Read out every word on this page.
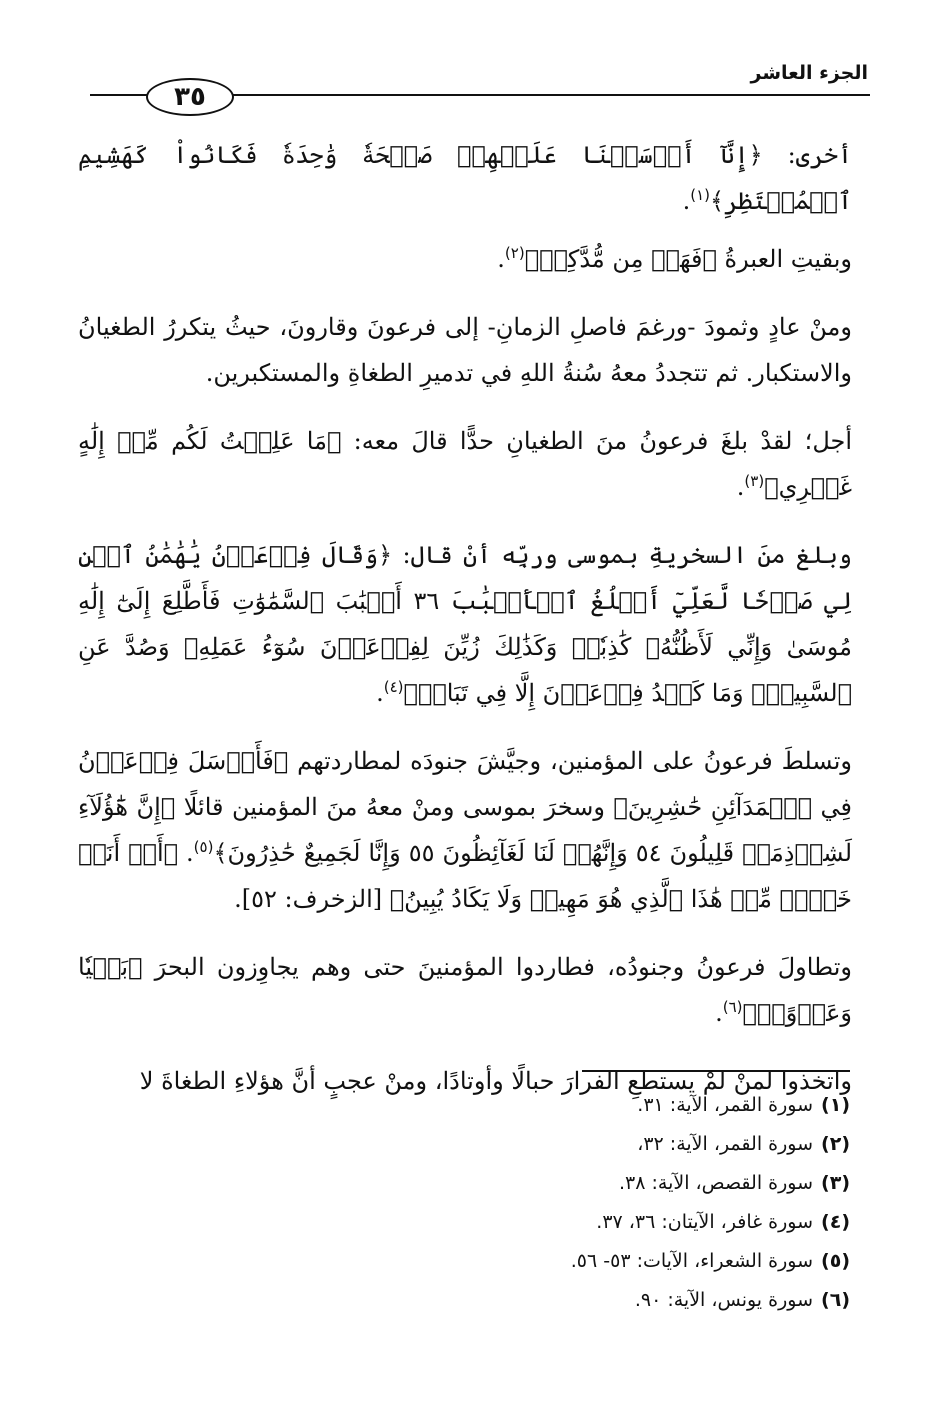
٣٥
الجزء العاشر

أخرى: ﴿إِنَّآ أَرۡسَلۡنَا عَلَيۡهِمۡ صَيۡحَةٗ وَٰحِدَةٗ فَكَانُواْ كَهَشِيمِ ٱلۡمُحۡتَظِرِ﴾$^{(١)}$.

وبقيتِ العبرةُ ﴿فَهَلۡ مِن مُّدَّكِرٖ﴾$^{(٢)}$.

ومنْ عادٍ وثمودَ -ورغمَ فاصلِ الزمانِ- إلى فرعونَ وقارونَ، حيثُ يتكررُ الطغيانُ والاستكبار. ثم تتجددُ معهُ سُنةُ اللهِ في تدميرِ الطغاةِ والمستكبرين.

أجل؛ لقدْ بلغَ فرعونُ منَ الطغيانِ حدًّا قالَ معه: ﴿مَا عَلِمۡتُ لَكُم مِّنۡ إِلَٰهٍ غَيۡرِي﴾$^{(٣)}$.

وبلغ منَ السخريةِ بموسى وربِّه أنْ قال: ﴿وَقَالَ فِرۡعَوۡنُ يَٰهَٰمَٰنُ ٱبۡنِ لِي صَرۡحٗا لَّعَلِّيٓ أَبۡلُغُ ٱلۡأَسۡبَٰبَ ٣٦ أَسۡبَٰبَ ٱلسَّمَٰوَٰتِ فَأَطَّلِعَ إِلَىٰٓ إِلَٰهِ مُوسَىٰ وَإِنِّي لَأَظُنُّهُۥ كَٰذِبٗاۚ وَكَذَٰلِكَ زُيِّنَ لِفِرۡعَوۡنَ سُوٓءُ عَمَلِهِۦ وَصُدَّ عَنِ ٱلسَّبِيلِۚ وَمَا كَيۡدُ فِرۡعَوۡنَ إِلَّا فِي تَبَابٖ﴾$^{(٤)}$.

وتسلطَ فرعونُ على المؤمنين، وجيَّشَ جنودَه لمطاردتهم ﴿فَأَرۡسَلَ فِرۡعَوۡنُ فِي ٱلۡمَدَآئِنِ حَٰشِرِينَ﴾ وسخرَ بموسى ومنْ معهُ منَ المؤمنين قائلًا ﴿إِنَّ هَٰٓؤُلَآءِ لَشِرۡذِمَةٞ قَلِيلُونَ ٥٤ وَإِنَّهُمۡ لَنَا لَغَآئِظُونَ ٥٥ وَإِنَّا لَجَمِيعٌ حَٰذِرُونَ﴾$^{(٥)}$. ﴿أَمۡ أَنَا۠ خَيۡرٞ مِّنۡ هَٰذَا ٱلَّذِي هُوَ مَهِينٞ وَلَا يَكَادُ يُبِينُ﴾ [الزخرف: ٥٢].

وتطاولَ فرعونُ وجنودُه، فطاردوا المؤمنينَ حتى وهم يجاوِزون البحرَ ﴿بَغۡيٗا وَعَدۡوًاۖ﴾$^{(٦)}$.

واتخذوا لمنْ لمْ يستطعِ الفرارَ حبالًا وأوتادًا، ومنْ عجبٍ أنَّ هؤلاءِ الطغاةَ لا

(١)سورة القمر، الآية: ٣١.

(٢)سورة القمر، الآية: ٣٢،

(٣)سورة القصص، الآية: ٣٨.

(٤)سورة غافر، الآيتان: ٣٦، ٣٧.

(٥)سورة الشعراء، الآيات: ٥٣- ٥٦.

(٦)سورة يونس، الآية: ٩٠.
